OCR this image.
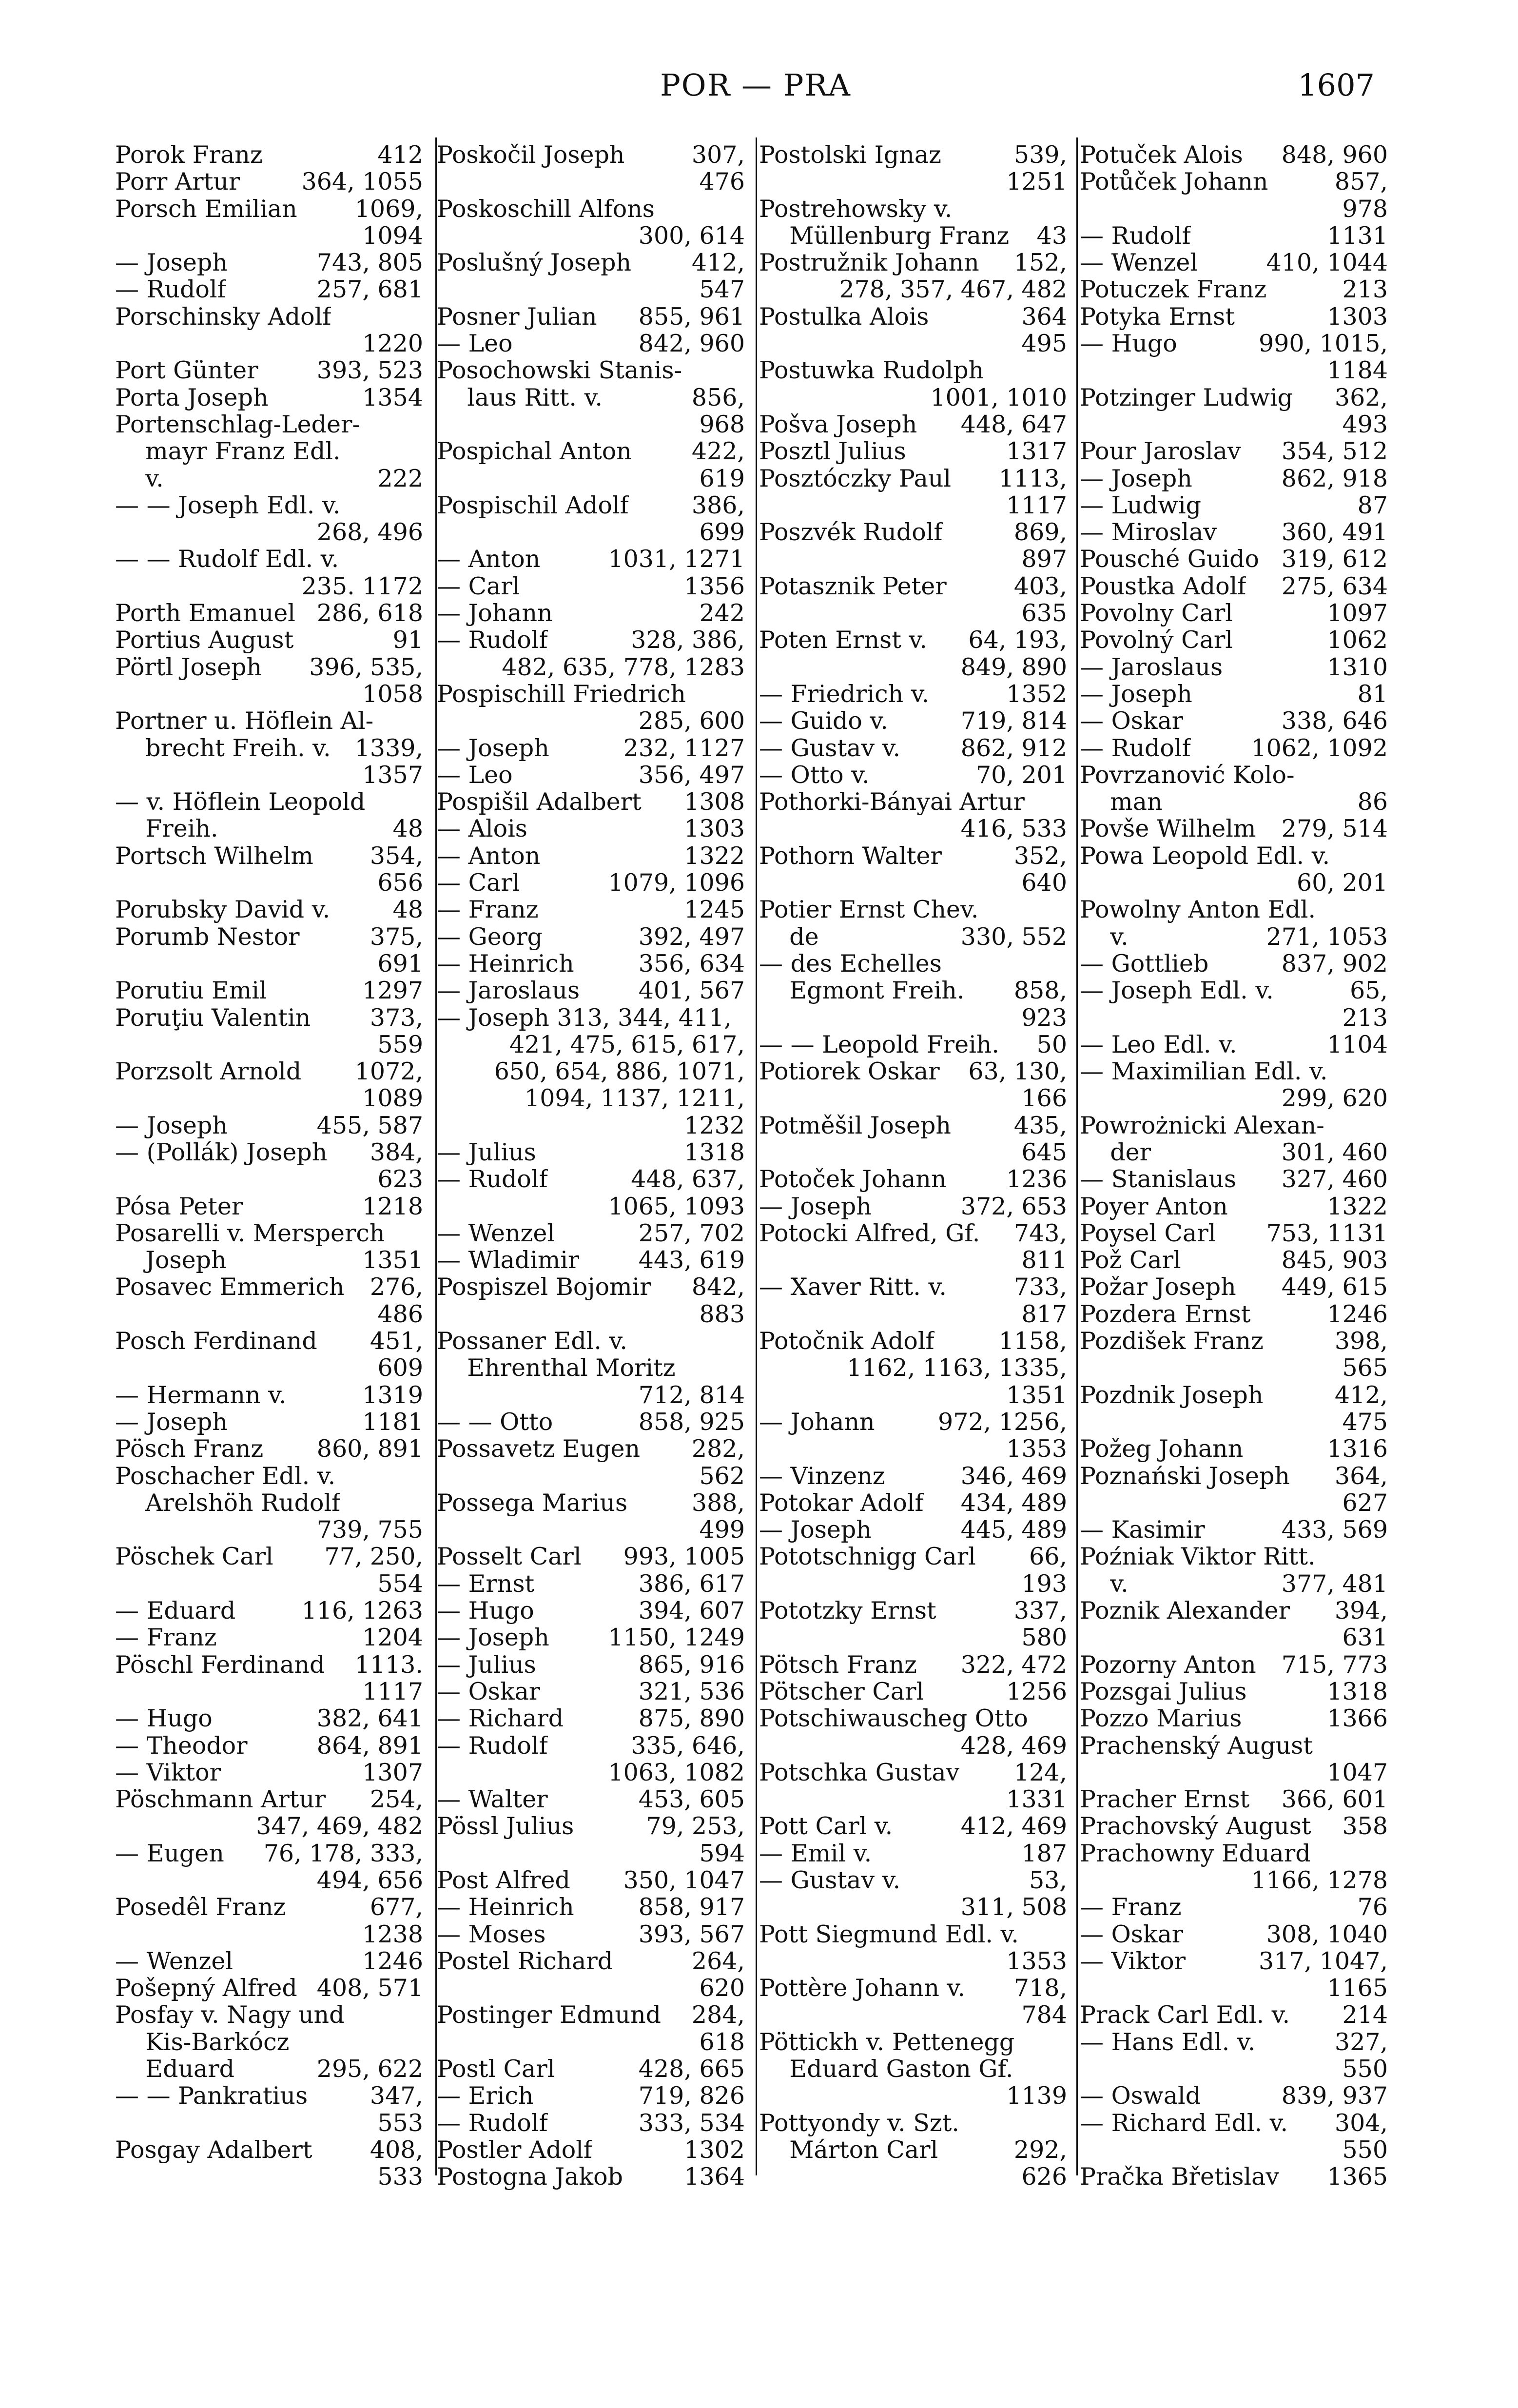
POR — PRA	1607
Porok Franz	412
Porr Artur	364, 1055
Porsch Emilian 1069,
1094
— Joseph	743, 805
— Rudolf	257, 681
Porschinsky Adolf
1220
Port Günter 393, 523
Porta Joseph	1354
Portenschlag-Leder-
mayr Franz Edl.
v.	222
— — Joseph Edl. v.
268, 496
— — Rudolf Edl. v.
235. 1172
Porth Emanuel 286, 618
Portius August	91
Pörtl Joseph 396, 535,
1058
Portner u. Höflein Al-
brecht Freih. v. 1339,
1357
— v. Höflein Leopold
Freih.	48
Portsch Wilhelm 354,
656
Porubsky David v.	48
Porumb Nestor	375,
691
Porutiu Emil	1297
Poruţiu Valentin 373,
559
Porzsolt Arnold 1072,
1089
— Joseph	455, 587
— (Pollák) Joseph 384,
623
Pósa Peter	1218
Posarelli v. Mersperch
Joseph	1351
Posavec Emmerich 276,
486
Posch Ferdinand 451,
609
— Hermann v.	1319
— Joseph	1181
Pösch Franz 860, 891
Poschacher Edl. v.
Arelshöh Rudolf
739, 755
Pöschek Carl 77, 250,
554
— Eduard	116, 1263
— Franz	1204
Pöschl Ferdinand 1113.
1117
— Hugo	382, 641
— Theodor	864, 891
— Viktor	1307
Pöschmann Artur 254,
347, 469, 482
— Eugen 76, 178, 333,
494, 656
Posedêl Franz	677,
1238
— Wenzel	1246
Pošepný Alfred 408, 571
Posfay v. Nagy und
Kis-Barkócz
Eduard	295, 622
— — Pankratius	347,
553
Posgay Adalbert 408,
533
Poskočil Joseph	307,
476
Poskoschill Alfons
300, 614
Poslušný Joseph	412,
547
Posner Julian 855, 961
— Leo	842, 960
Posochowski Stanis-
laus Ritt. v.	856,
968
Pospichal Anton	422,
619
Pospischil Adolf	386,
699
— Anton	1031, 1271
— Carl	1356
— Johann	242
— Rudolf	328, 386,
482, 635, 778, 1283
Pospischill Friedrich
285, 600
— Joseph	232, 1127
— Leo	356, 497
Pospišil Adalbert 1308
— Alois	1303
— Anton	1322
— Carl	1079, 1096
— Franz	1245
— Georg	392, 497
— Heinrich	356, 634
— Jaroslaus 401, 567
— Joseph 313, 344, 411,
421, 475, 615, 617,
650, 654, 886, 1071,
1094, 1137, 1211,
1232
— Julius	1318
— Rudolf	448, 637,
1065, 1093
— Wenzel	257, 702
— Wladimir 443, 619
Pospiszel Bojomir 842,
883
Possaner Edl. v.
Ehrenthal Moritz
712, 814
— — Otto	858, 925
Possavetz Eugen 282,
562
Possega Marius	388,
499
Posselt Carl 993, 1005
— Ernst	386, 617
— Hugo	394, 607
— Joseph 1150, 1249
— Julius	865, 916
— Oskar	321, 536
— Richard	875, 890
— Rudolf	335, 646,
1063, 1082
— Walter	453, 605
Pössl Julius	79, 253,
594
Post Alfred 350, 1047
— Heinrich	858, 917
— Moses	393, 567
Postel Richard	264,
620
Postinger Edmund 284,
618
Postl Carl	428, 665
— Erich	719, 826
— Rudolf	333, 534
Postler Adolf	1302
Postogna Jakob	1364
Postolski Ignaz	539,
1251
Postrehowsky v.
Müllenburg Franz 43
Postružnik Johann 152,
278, 357, 467, 482
Postulka Alois	364
495
Postuwka Rudolph
1001, 1010
Pošva Joseph 448, 647
Posztl Julius	1317
Posztóczky Paul 1113,
1117
Poszvék Rudolf	869,
897
Potasznik Peter	403,
635
Poten Ernst v. 64, 193,
849, 890
— Friedrich v.	1352
— Guido v.	719, 814
— Gustav v.	862, 912
— Otto v.	70, 201
Pothorki-Bányai Artur
416, 533
Pothorn Walter	352,
640
Potier Ernst Chev.
de	330, 552
— des Echelles
Egmont Freih. 858,
923
— — Leopold Freih. 50
Potiorek Oskar 63, 130,
166
Potměšil Joseph	435,
645
Potoček Johann	1236
— Joseph	372, 653
Potocki Alfred, Gf. 743,
811
— Xaver Ritt. v.	733,
817
Potočnik Adolf	1158,
1162, 1163, 1335,
1351
— Johann	972, 1256,
1353
— Vinzenz	346, 469
Potokar Adolf 434, 489
— Joseph	445, 489
Pototschnigg Carl 66,
193
Pototzky Ernst	337,
580
Pötsch Franz 322, 472
Pötscher Carl	1256
Potschiwauscheg Otto
428, 469
Potschka Gustav 124,
1331
Pott Carl v.	412, 469
— Emil v.	187
— Gustav v.	53,
311, 508
Pott Siegmund Edl. v.
1353
Pottère Johann v. 718,
784
Pöttickh v. Pettenegg
Eduard Gaston Gf.
1139
Pottyondy v. Szt.
Márton Carl	292,
626
Potuček Alois 848, 960
Potůček Johann	857,
978
— Rudolf	1131
— Wenzel	410, 1044
Potuczek Franz	213
Potyka Ernst	1303
— Hugo	990, 1015,
1184
Potzinger Ludwig 362,
493
Pour Jaroslav 354, 512
— Joseph	862, 918
— Ludwig	87
— Miroslav	360, 491
Pousché Guido 319, 612
Poustka Adolf 275, 634
Povolny Carl	1097
Povolný Carl	1062
— Jaroslaus	1310
— Joseph	81
— Oskar	338, 646
— Rudolf	1062, 1092
Povrzanović Kolo-
man	86
Povše Wilhelm 279, 514
Powa Leopold Edl. v.
60, 201
Powolny Anton Edl.
v.	271, 1053
— Gottlieb	837, 902
— Joseph Edl. v.	65,
213
— Leo Edl. v.	1104
— Maximilian Edl. v.
299, 620
Powrożnicki Alexan-
der	301, 460
— Stanislaus 327, 460
Poyer Anton	1322
Poysel Carl 753, 1131
Pož Carl	845, 903
Požar Joseph 449, 615
Pozdera Ernst	1246
Pozdišek Franz	398,
565
Pozdnik Joseph	412,
475
Požeg Johann	1316
Poznański Joseph 364,
627
— Kasimir	433, 569
Poźniak Viktor Ritt.
v.	377, 481
Poznik Alexander 394,
631
Pozorny Anton 715, 773
Pozsgai Julius	1318
Pozzo Marius	1366
Prachenský August
1047
Pracher Ernst 366, 601
Prachovský August 358
Prachowny Eduard
1166, 1278
— Franz	76
— Oskar	308, 1040
— Viktor	317, 1047,
1165
Prack Carl Edl. v. 214
— Hans Edl. v.	327,
550
— Oswald	839, 937
— Richard Edl. v. 304,
550
Pračka Břetislav 1365
